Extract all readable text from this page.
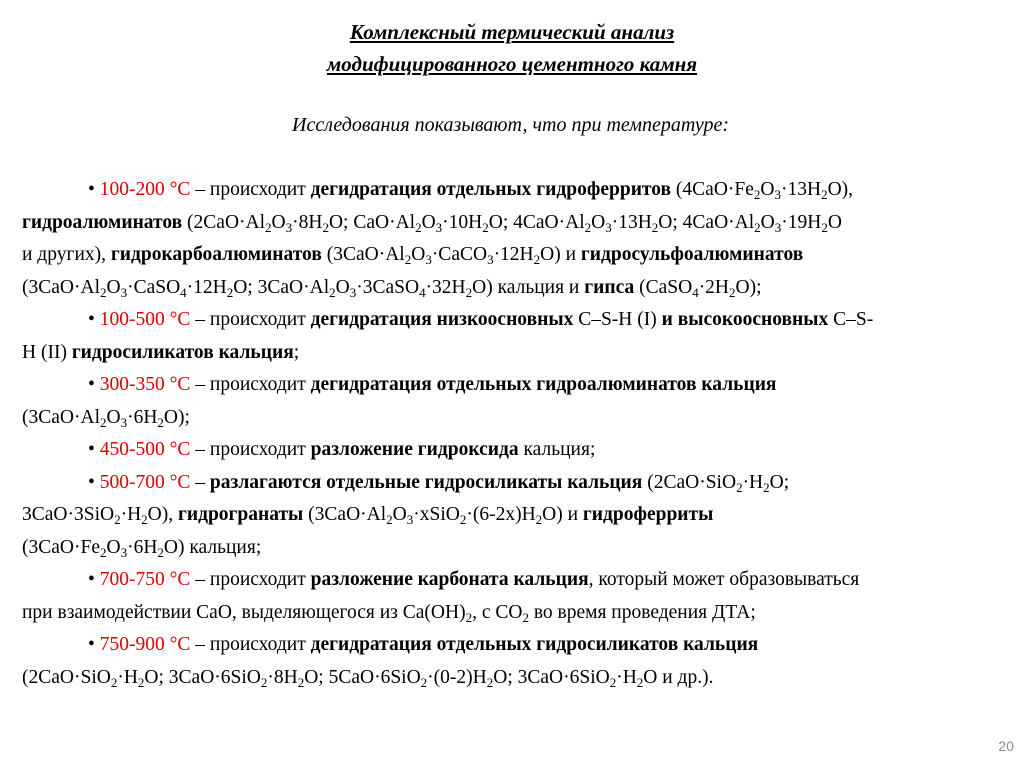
Комплексный термический анализ
модифицированного цементного камня
Исследования показывают, что при температуре:
• 100-200 °C – происходит дегидратация отдельных гидроферритов $(4CaO\cdot Fe_2O_3\cdot 13H_2O)$,
гидроалюминатов ($2CaO\cdot Al_2O_3\cdot 8H_2O$; $CaO\cdot Al_2O_3\cdot 10H_2O$; $4CaO\cdot Al_2O_3\cdot 13H_2O$; $4CaO\cdot Al_2O_3\cdot 19H_2O$
и других), гидрокарбоалюминатов $(3CaO\cdot Al_2O_3\cdot CaCO_3\cdot 12H_2O)$ и гидросульфоалюминатов
($3CaO\cdot Al_2O_3\cdot CaSO_4\cdot 12H_2O$; $3CaO\cdot Al_2O_3\cdot 3CaSO_4\cdot 32H_2O$) кальция и гипса $(CaSO_4\cdot 2H_2O)$;
• 100-500 °C – происходит дегидратация низкоосновных C–S-H (I) и высокоосновных C–S-
H (II) гидросиликатов кальция;
• 300-350 °C – происходит дегидратация отдельных гидроалюминатов кальция
$(3CaO\cdot Al_2O_3\cdot 6H_2O)$;
• 450-500 °C – происходит разложение гидроксида кальция;
• 500-700 °C – разлагаются отдельные гидросиликаты кальция ($2CaO\cdot SiO_2\cdot H_2O$;
$3CaO\cdot 3SiO_2\cdot H_2O$), гидрогранаты $(3CaO\cdot Al_2O_3\cdot xSiO_2\cdot(6-2x)H_2O)$ и гидроферриты
$(3CaO\cdot Fe_2O_3\cdot 6H_2O)$ кальция;
• 700-750 °C – происходит разложение карбоната кальция, который может образовываться
при взаимодействии CaO, выделяющегося из $Ca(OH)_2$, с $CO_2$ во время проведения ДТА;
• 750-900 °C – происходит дегидратация отдельных гидросиликатов кальция
($2CaO\cdot SiO_2\cdot H_2O$; $3CaO\cdot 6SiO_2\cdot 8H_2O$; $5CaO\cdot 6SiO_2\cdot(0-2)H_2O$; $3CaO\cdot 6SiO_2\cdot H_2O$ и др.).
20
